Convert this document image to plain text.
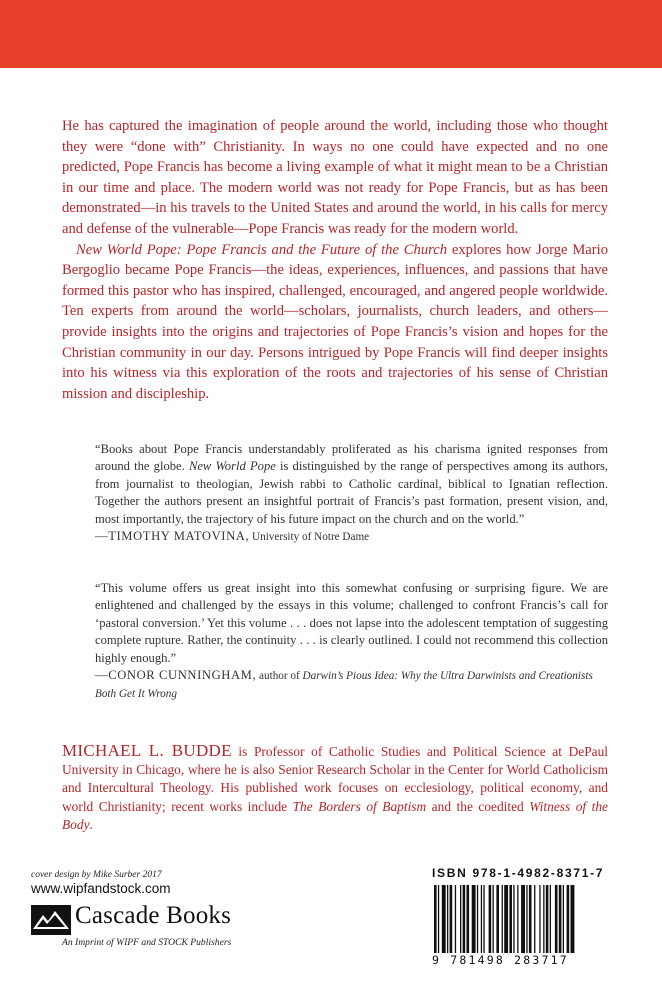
He has captured the imagination of people around the world, including those who thought they were “done with” Christianity. In ways no one could have expected and no one predicted, Pope Francis has become a living example of what it might mean to be a Christian in our time and place. The modern world was not ready for Pope Francis, but as has been demonstrated—in his travels to the United States and around the world, in his calls for mercy and defense of the vulnerable—Pope Francis was ready for the modern world.

New World Pope: Pope Francis and the Future of the Church explores how Jorge Mario Bergoglio became Pope Francis—the ideas, experiences, influences, and passions that have formed this pastor who has inspired, challenged, encouraged, and angered people worldwide. Ten experts from around the world—scholars, journalists, church leaders, and others—provide insights into the origins and trajectories of Pope Francis’s vision and hopes for the Christian community in our day. Persons intrigued by Pope Francis will find deeper insights into his witness via this exploration of the roots and trajectories of his sense of Christian mission and discipleship.

“Books about Pope Francis understandably proliferated as his charisma ignited responses from around the globe. New World Pope is distinguished by the range of perspectives among its authors, from journalist to theologian, Jewish rabbi to Catholic cardinal, biblical to Ignatian reflection. Together the authors present an insightful portrait of Francis’s past formation, present vision, and, most importantly, the trajectory of his future impact on the church and on the world.”

—TIMOTHY MATOVINA, University of Notre Dame

“This volume offers us great insight into this somewhat confusing or surprising figure. We are enlightened and challenged by the essays in this volume; challenged to confront Francis’s call for ‘pastoral conversion.’ Yet this volume . . . does not lapse into the adolescent temptation of suggesting complete rupture. Rather, the continuity . . . is clearly outlined. I could not recommend this collection highly enough.”

—CONOR CUNNINGHAM, author of Darwin’s Pious Idea: Why the Ultra Darwinists and Creationists Both Get It Wrong

MICHAEL L. BUDDE is Professor of Catholic Studies and Political Science at DePaul University in Chicago, where he is also Senior Research Scholar in the Center for World Catholicism and Intercultural Theology. His published work focuses on ecclesiology, political economy, and world Christianity; recent works include The Borders of Baptism and the coedited Witness of the Body.
cover design by Mike Surber 2017
www.wipfandstock.com
Cascade Books
An Imprint of WIPF and STOCK Publishers
ISBN 978-1-4982-8371-7
9 781498 283717
